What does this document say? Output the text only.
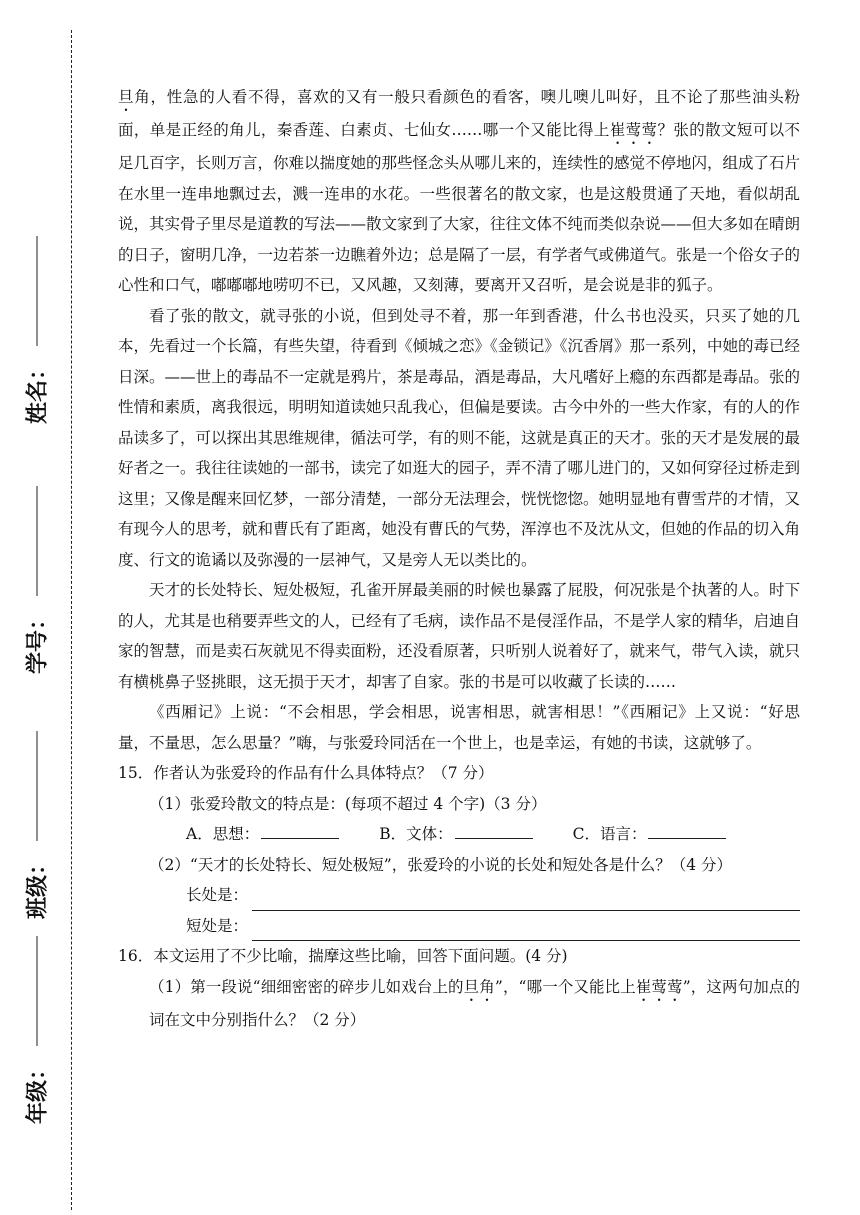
姓名：
学号：
班级：
年级：

旦角，性急的人看不得，喜欢的又有一般只看颜色的看客，噢儿噢儿叫好，且不论了那些油头粉面，单是正经的角儿，秦香莲、白素贞、七仙女……哪一个又能比得上崔莺莺？张的散文短可以不足几百字，长则万言，你难以揣度她的那些怪念头从哪儿来的，连续性的感觉不停地闪，组成了石片在水里一连串地飘过去，溅一连串的水花。一些很著名的散文家，也是这般贯通了天地，看似胡乱说，其实骨子里尽是道教的写法——散文家到了大家，往往文体不纯而类似杂说——但大多如在晴朗的日子，窗明几净，一边若茶一边瞧着外边；总是隔了一层，有学者气或佛道气。张是一个俗女子的心性和口气，嘟嘟嘟地唠叨不已，又风趣，又刻薄，要离开又召听，是会说是非的狐子。

看了张的散文，就寻张的小说，但到处寻不着，那一年到香港，什么书也没买，只买了她的几本，先看过一个长篇，有些失望，待看到《倾城之恋》《金锁记》《沉香屑》那一系列，中她的毒已经日深。——世上的毒品不一定就是鸦片，茶是毒品，酒是毒品，大凡嗜好上瘾的东西都是毒品。张的性情和素质，离我很远，明明知道读她只乱我心，但偏是要读。古今中外的一些大作家，有的人的作品读多了，可以探出其思维规律，循法可学，有的则不能，这就是真正的天才。张的天才是发展的最好者之一。我往往读她的一部书，读完了如逛大的园子，弄不清了哪儿进门的，又如何穿径过桥走到这里；又像是醒来回忆梦，一部分清楚，一部分无法理会，恍恍惚惚。她明显地有曹雪芹的才情，又有现今人的思考，就和曹氏有了距离，她没有曹氏的气势，浑淳也不及沈从文，但她的作品的切入角度、行文的诡谲以及弥漫的一层神气，又是旁人无以类比的。

天才的长处特长、短处极短，孔雀开屏最美丽的时候也暴露了屁股，何况张是个执著的人。时下的人，尤其是也稍要弄些文的人，已经有了毛病，读作品不是侵淫作品，不是学人家的精华，启迪自家的智慧，而是卖石灰就见不得卖面粉，还没看原著，只听别人说着好了，就来气，带气入读，就只有横桃鼻子竖挑眼，这无损于天才，却害了自家。张的书是可以收藏了长读的……

《西厢记》上说：“不会相思，学会相思，说害相思，就害相思！”《西厢记》上又说：“好思量，不量思，怎么思量？”嗨，与张爱玲同活在一个世上，也是幸运，有她的书读，这就够了。

15．作者认为张爱玲的作品有什么具体特点？（7 分）

（1）张爱玲散文的特点是：(每项不超过 4 个字)（3 分）

A．思想：	B．文体：	C．语言：

（2）“天才的长处特长、短处极短”，张爱玲的小说的长处和短处各是什么？（4 分）

长处是：
短处是：

16．本文运用了不少比喻，揣摩这些比喻，回答下面问题。(4 分)

（1）第一段说“细细密密的碎步儿如戏台上的旦角”，“哪一个又能比上崔莺莺”，这两句加点的词在文中分别指什么？（2 分）
